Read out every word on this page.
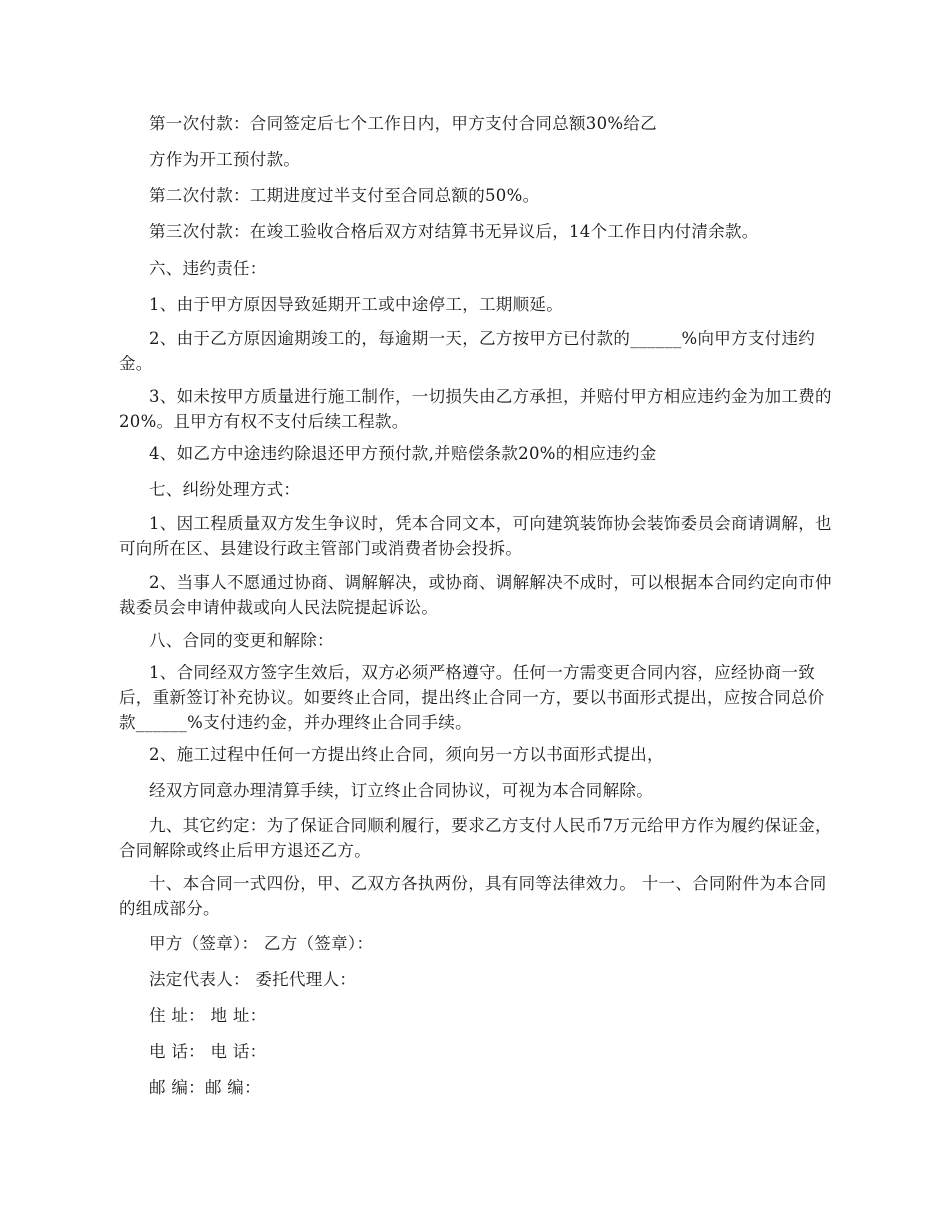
第一次付款：合同签定后七个工作日内，甲方支付合同总额30%给乙

方作为开工预付款。

第二次付款：工期进度过半支付至合同总额的50%。

第三次付款：在竣工验收合格后双方对结算书无异议后，14个工作日内付清余款。

六、违约责任：

1、由于甲方原因导致延期开工或中途停工，工期顺延。

2、由于乙方原因逾期竣工的，每逾期一天，乙方按甲方已付款的______%向甲方支付违约金。

3、如未按甲方质量进行施工制作，一切损失由乙方承担，并赔付甲方相应违约金为加工费的20%。且甲方有权不支付后续工程款。

4、如乙方中途违约除退还甲方预付款,并赔偿条款20%的相应违约金

七、纠纷处理方式：

1、因工程质量双方发生争议时，凭本合同文本，可向建筑装饰协会装饰委员会商请调解，也可向所在区、县建设行政主管部门或消费者协会投拆。

2、当事人不愿通过协商、调解解决，或协商、调解解决不成时，可以根据本合同约定向市仲裁委员会申请仲裁或向人民法院提起诉讼。

八、合同的变更和解除：

1、合同经双方签字生效后，双方必须严格遵守。任何一方需变更合同内容，应经协商一致后，重新签订补充协议。如要终止合同，提出终止合同一方，要以书面形式提出，应按合同总价款______%支付违约金，并办理终止合同手续。

2、施工过程中任何一方提出终止合同，须向另一方以书面形式提出，

经双方同意办理清算手续，订立终止合同协议，可视为本合同解除。

九、其它约定：为了保证合同顺利履行，要求乙方支付人民币7万元给甲方作为履约保证金，合同解除或终止后甲方退还乙方。

十、本合同一式四份，甲、乙双方各执两份，具有同等法律效力。 十一、合同附件为本合同的组成部分。

甲方（签章）： 乙方（签章）：

法定代表人： 委托代理人：

住 址： 地 址：

电 话： 电 话：

邮 编：邮 编：
